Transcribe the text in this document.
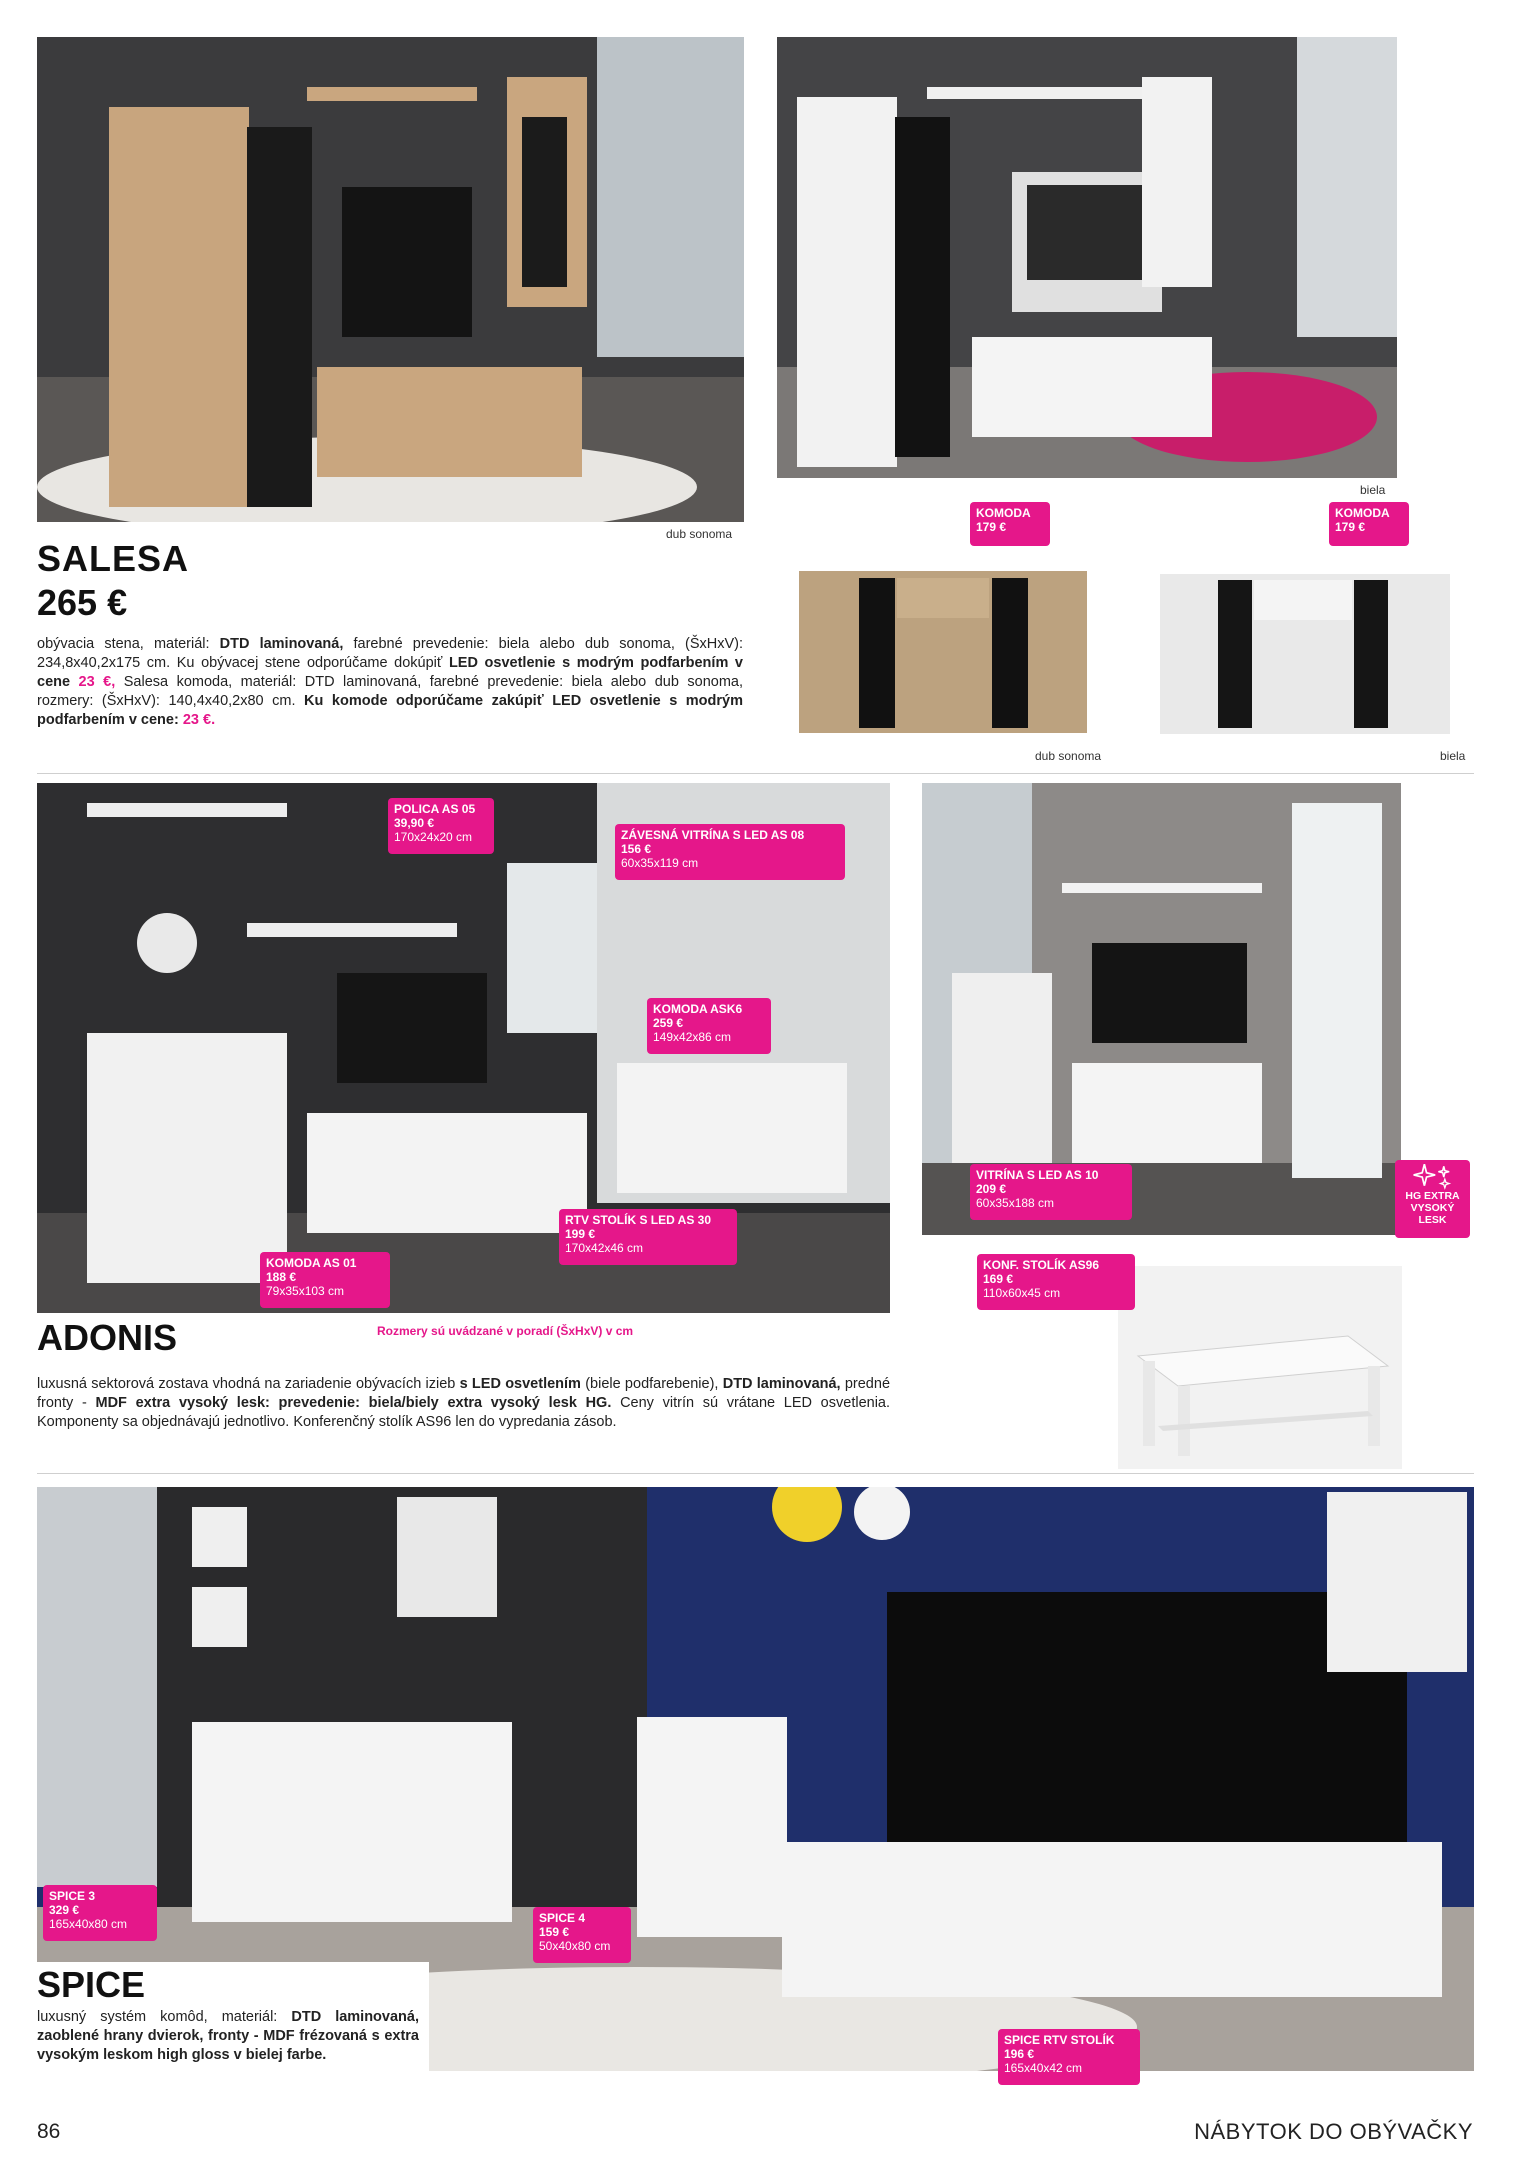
dub sonoma
biela
KOMODA
179 €
KOMODA
179 €
dub sonoma	biela
SALESA
265 €
obývacia stena, materiál: DTD laminovaná, farebné prevedenie: biela alebo dub sonoma, (ŠxHxV): 234,8x40,2x175 cm. Ku obývacej stene odporúčame dokúpiť LED osvetlenie s modrým podfarbením v cene 23 €, Salesa komoda, materiál: DTD laminovaná, farebné prevedenie: biela alebo dub sonoma, rozmery: (ŠxHxV): 140,4x40,2x80 cm. Ku komode odporúčame zakúpiť LED osvetlenie s modrým podfarbením v cene: 23 €.
POLICA AS 05
39,90 €
170x24x20 cm	ZÁVESNÁ VITRÍNA S LED AS 08
156 €
60x35x119 cm
KOMODA ASK6
259 €
149x42x86 cm
RTV STOLÍK S LED AS 30
199 €
170x42x46 cm
KOMODA AS 01
188 €
79x35x103 cm
VITRÍNA S LED AS 10
209 €
60x35x188 cm
KONF. STOLÍK AS96
169 €
110x60x45 cm
HG EXTRA
VYSOKÝ
LESK
ADONIS	Rozmery sú uvádzané v poradí (ŠxHxV) v cm
luxusná sektorová zostava vhodná na zariadenie obývacích izieb s LED osvetlením (biele podfarebenie), DTD laminovaná, predné fronty - MDF extra vysoký lesk: prevedenie: biela/biely extra vysoký lesk HG. Ceny vitrín sú vrátane LED osvetlenia. Komponenty sa objednávajú jednotlivo. Konferenčný stolík AS96 len do vypredania zásob.
SPICE 3
329 €
165x40x80 cm	SPICE 4
159 €
50x40x80 cm
SPICE RTV STOLÍK
196 €
165x40x42 cm
SPICE
luxusný systém komôd, materiál: DTD laminovaná, zaoblené hrany dvierok, fronty - MDF frézovaná s extra vysokým leskom high gloss v bielej farbe.
86	NÁBYTOK DO OBÝVAČKY
